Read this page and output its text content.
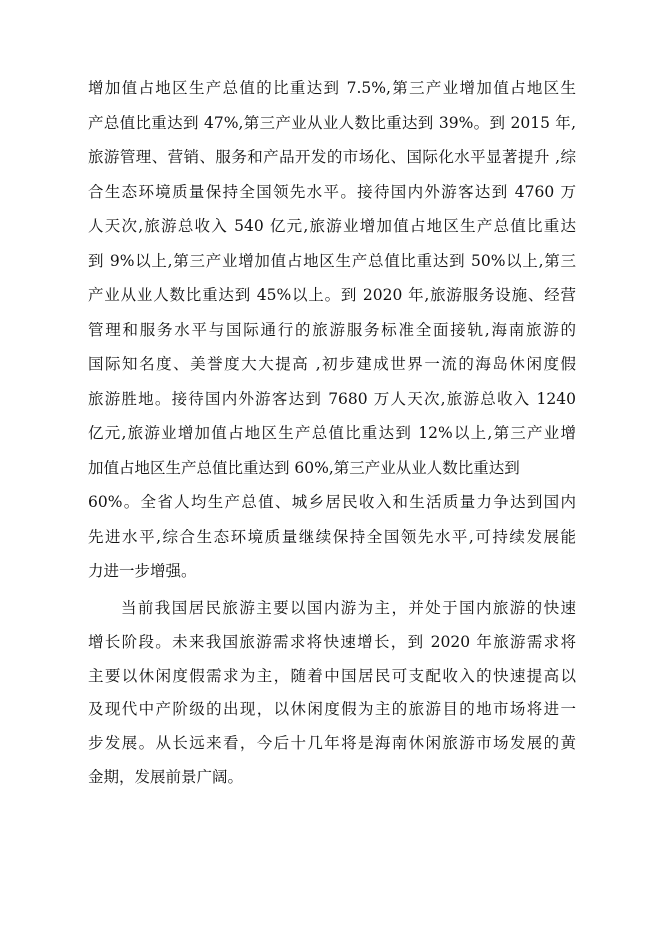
增加值占地区生产总值的比重达到 7.5%,第三产业增加值占地区生
产总值比重达到 47%,第三产业从业人数比重达到 39%。到 2015 年,
旅游管理、营销、服务和产品开发的市场化、国际化水平显著提升 ,综
合生态环境质量保持全国领先水平。接待国内外游客达到 4760 万
人天次,旅游总收入 540 亿元,旅游业增加值占地区生产总值比重达
到 9%以上,第三产业增加值占地区生产总值比重达到 50%以上,第三
产业从业人数比重达到 45%以上。到 2020 年,旅游服务设施、经营
管理和服务水平与国际通行的旅游服务标准全面接轨,海南旅游的
国际知名度、美誉度大大提高 ,初步建成世界一流的海岛休闲度假
旅游胜地。接待国内外游客达到 7680 万人天次,旅游总收入 1240
亿元,旅游业增加值占地区生产总值比重达到 12%以上,第三产业增
加值占地区生产总值比重达到 60%,第三产业从业人数比重达到
60%。全省人均生产总值、城乡居民收入和生活质量力争达到国内
先进水平,综合生态环境质量继续保持全国领先水平,可持续发展能
力进一步增强。
当前我国居民旅游主要以国内游为主，并处于国内旅游的快速
增长阶段。未来我国旅游需求将快速增长，到 2020 年旅游需求将
主要以休闲度假需求为主，随着中国居民可支配收入的快速提高以
及现代中产阶级的出现，以休闲度假为主的旅游目的地市场将进一
步发展。从长远来看，今后十几年将是海南休闲旅游市场发展的黄
金期，发展前景广阔。
